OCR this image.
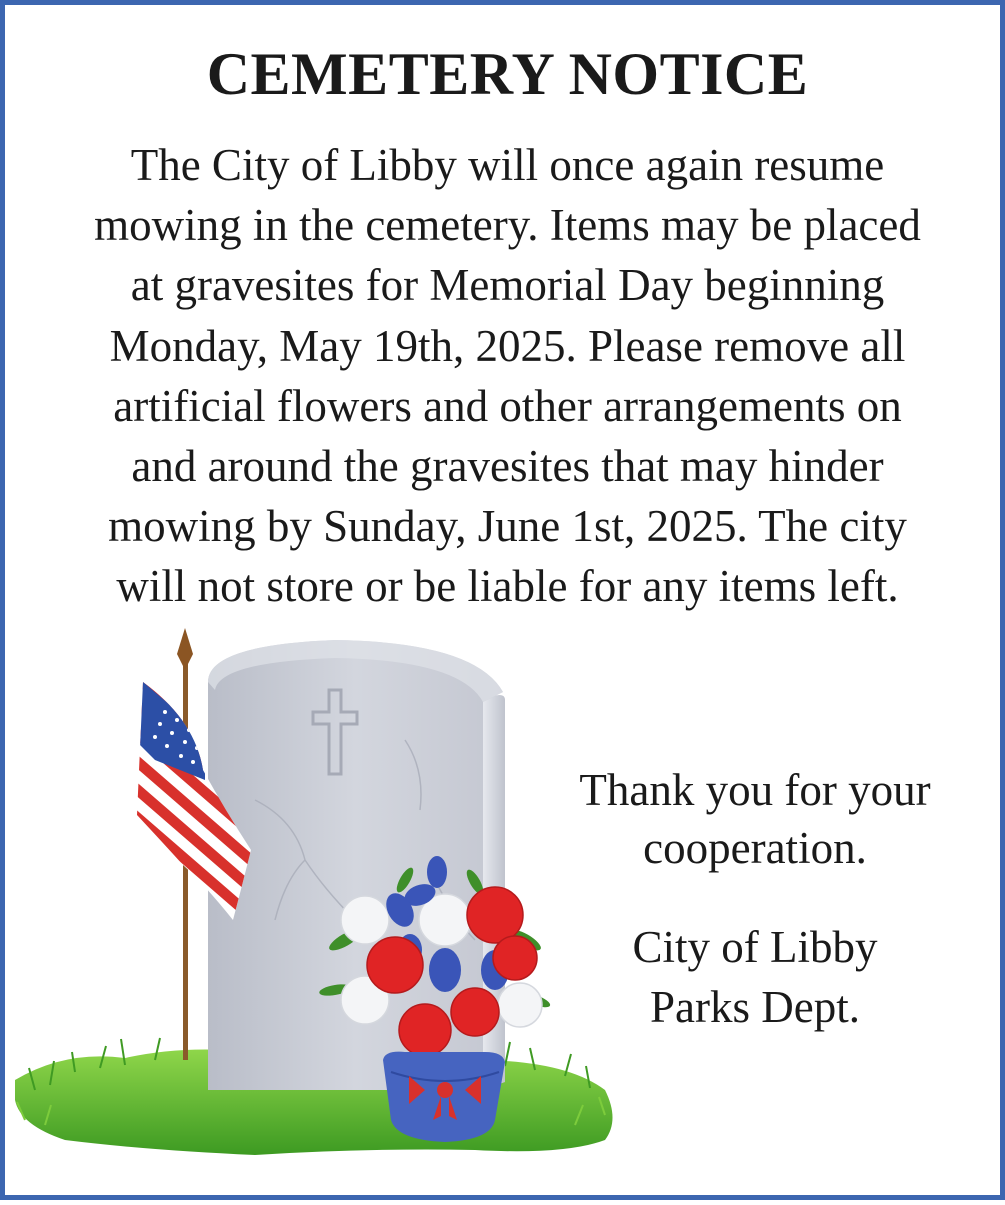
CEMETERY NOTICE

The City of Libby will once again resume
mowing in the cemetery. Items may be placed
at gravesites for Memorial Day beginning
Monday, May 19th, 2025. Please remove all
artificial flowers and other arrangements on
and around the gravesites that may hinder
mowing by Sunday, June 1st, 2025. The city
will not store or be liable for any items left.

Thank you for your
cooperation.

City of Libby
Parks Dept.
